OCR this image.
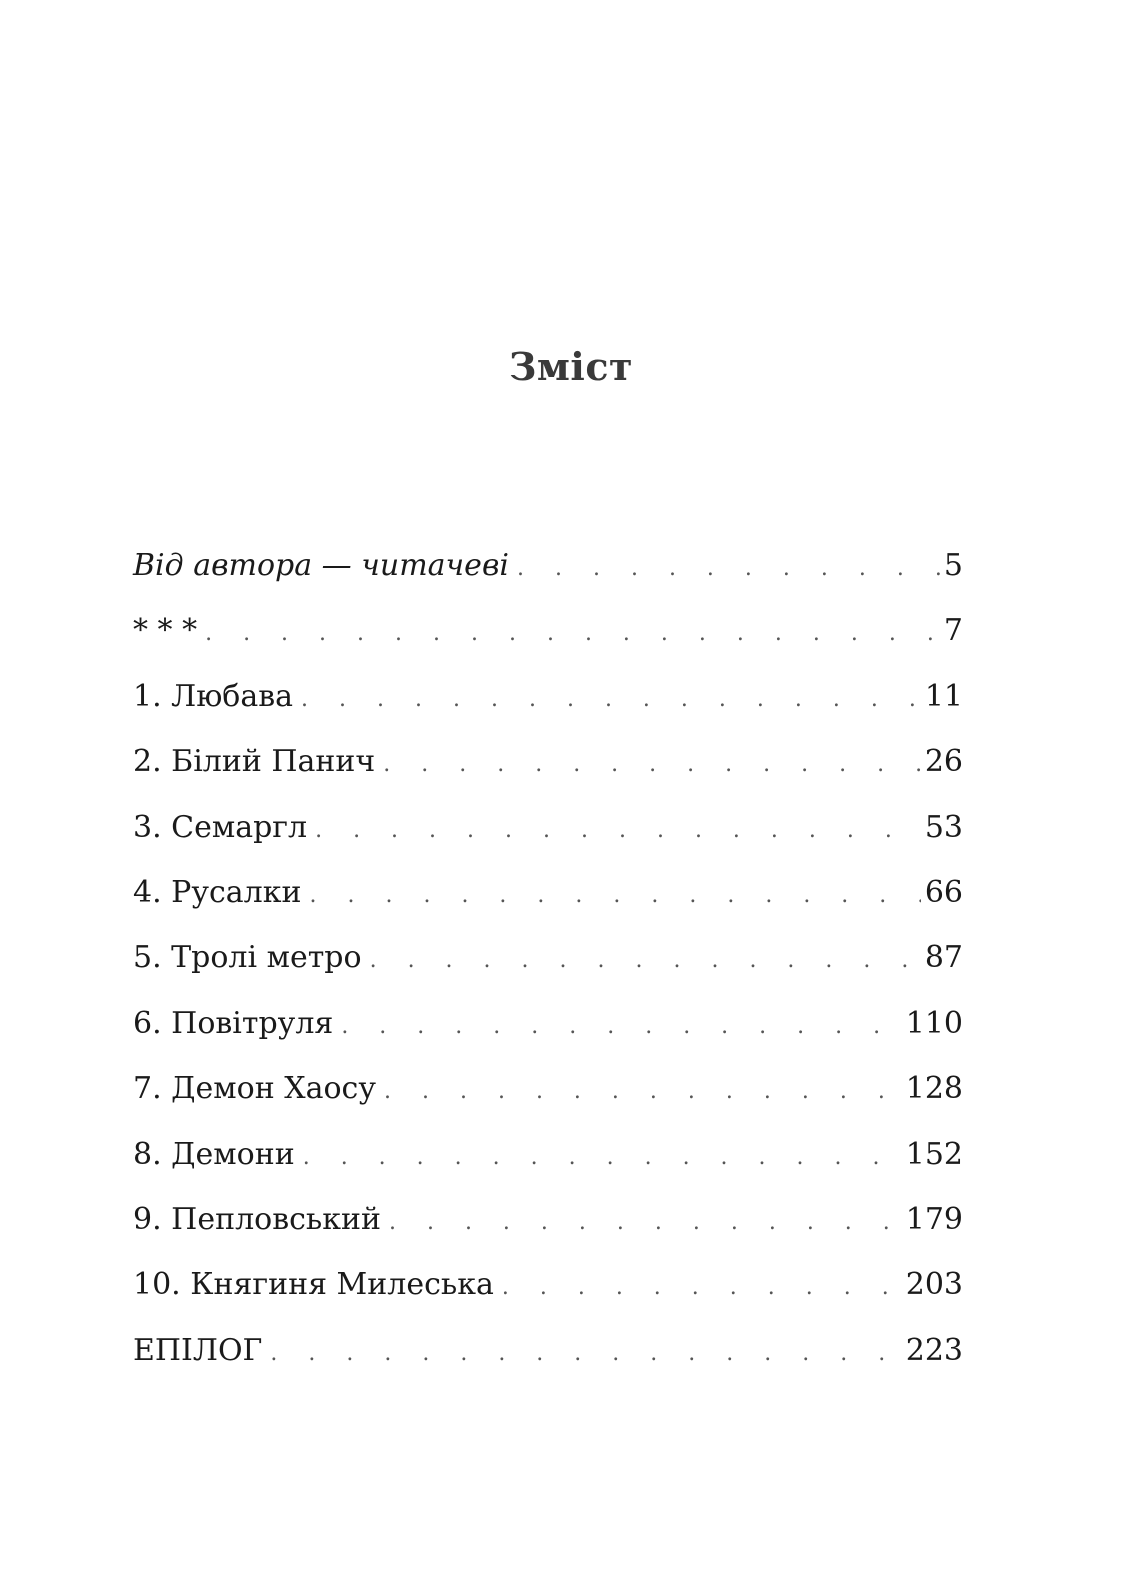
Зміст
Від автора — читачеві . . .	5
* * * . . .	7
1. Любава . . .	11
2. Білий Панич . . .	26
3. Семаргл . . .	53
4. Русалки . . .	66
5. Тролі метро . . .	87
6. Повітруля . . .	110
7. Демон Хаосу . . .	128
8. Демони . . .	152
9. Пепловський . . .	179
10. Княгиня Милеська . . .	203
ЕПІЛОГ . . .	223
